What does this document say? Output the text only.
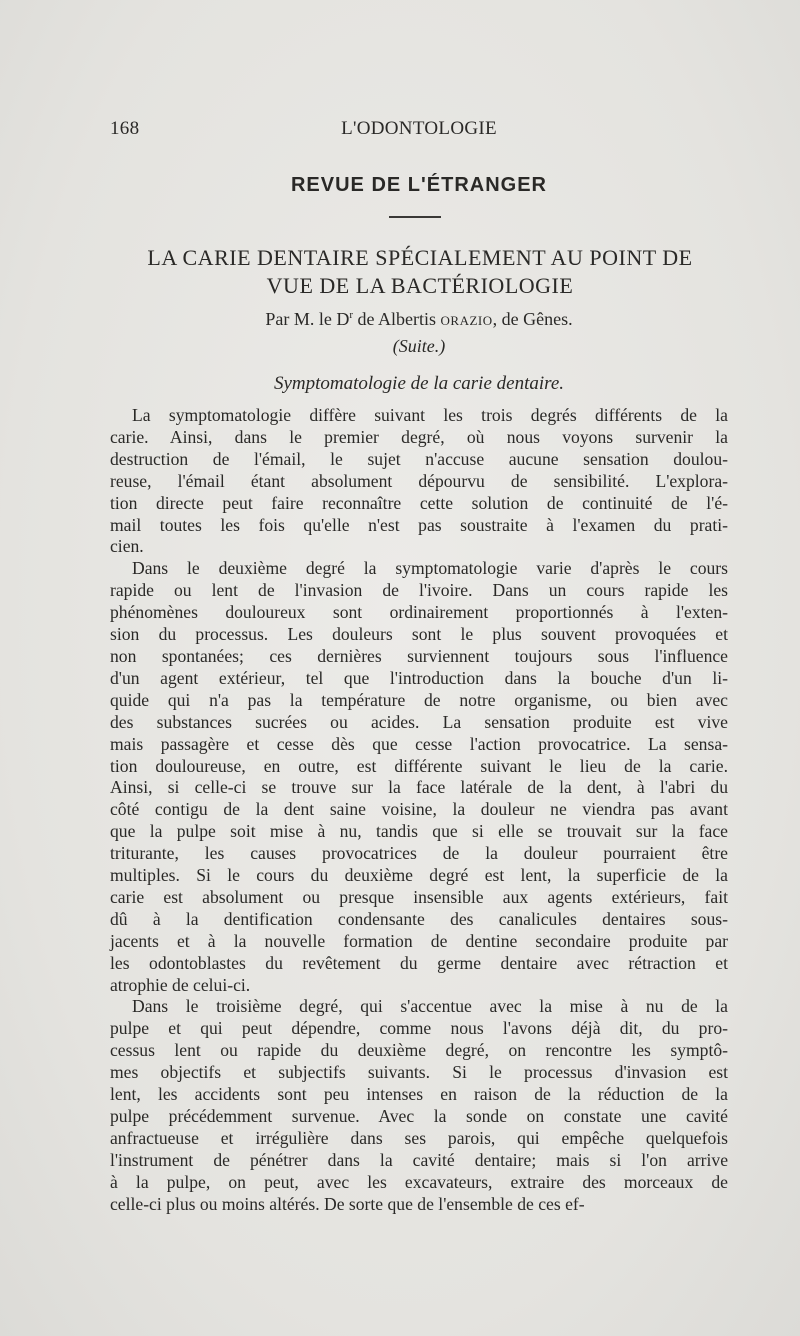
168	L'ODONTOLOGIE
REVUE DE L'ÉTRANGER
LA CARIE DENTAIRE SPÉCIALEMENT AU POINT DE
VUE DE LA BACTÉRIOLOGIE
Par M. le $D^r$ de Albertis ORAZIO, de Gênes.
(Suite.)
Symptomatologie de la carie dentaire.

La symptomatologie diffère suivant les trois degrés différents de la
carie. Ainsi, dans le premier degré, où nous voyons survenir la
destruction de l'émail, le sujet n'accuse aucune sensation doulou-
reuse, l'émail étant absolument dépourvu de sensibilité. L'explora-
tion directe peut faire reconnaître cette solution de continuité de l'é-
mail toutes les fois qu'elle n'est pas soustraite à l'examen du prati-
cien.

Dans le deuxième degré la symptomatologie varie d'après le cours
rapide ou lent de l'invasion de l'ivoire. Dans un cours rapide les
phénomènes douloureux sont ordinairement proportionnés à l'exten-
sion du processus. Les douleurs sont le plus souvent provoquées et
non spontanées; ces dernières surviennent toujours sous l'influence
d'un agent extérieur, tel que l'introduction dans la bouche d'un li-
quide qui n'a pas la température de notre organisme, ou bien avec
des substances sucrées ou acides. La sensation produite est vive
mais passagère et cesse dès que cesse l'action provocatrice. La sensa-
tion douloureuse, en outre, est différente suivant le lieu de la carie.
Ainsi, si celle-ci se trouve sur la face latérale de la dent, à l'abri du
côté contigu de la dent saine voisine, la douleur ne viendra pas avant
que la pulpe soit mise à nu, tandis que si elle se trouvait sur la face
triturante, les causes provocatrices de la douleur pourraient être
multiples. Si le cours du deuxième degré est lent, la superficie de la
carie est absolument ou presque insensible aux agents extérieurs, fait
dû à la dentification condensante des canalicules dentaires sous-
jacents et à la nouvelle formation de dentine secondaire produite par
les odontoblastes du revêtement du germe dentaire avec rétraction et
atrophie de celui-ci.

Dans le troisième degré, qui s'accentue avec la mise à nu de la
pulpe et qui peut dépendre, comme nous l'avons déjà dit, du pro-
cessus lent ou rapide du deuxième degré, on rencontre les symptô-
mes objectifs et subjectifs suivants. Si le processus d'invasion est
lent, les accidents sont peu intenses en raison de la réduction de la
pulpe précédemment survenue. Avec la sonde on constate une cavité
anfractueuse et irrégulière dans ses parois, qui empêche quelquefois
l'instrument de pénétrer dans la cavité dentaire; mais si l'on arrive
à la pulpe, on peut, avec les excavateurs, extraire des morceaux de
celle-ci plus ou moins altérés. De sorte que de l'ensemble de ces ef-
